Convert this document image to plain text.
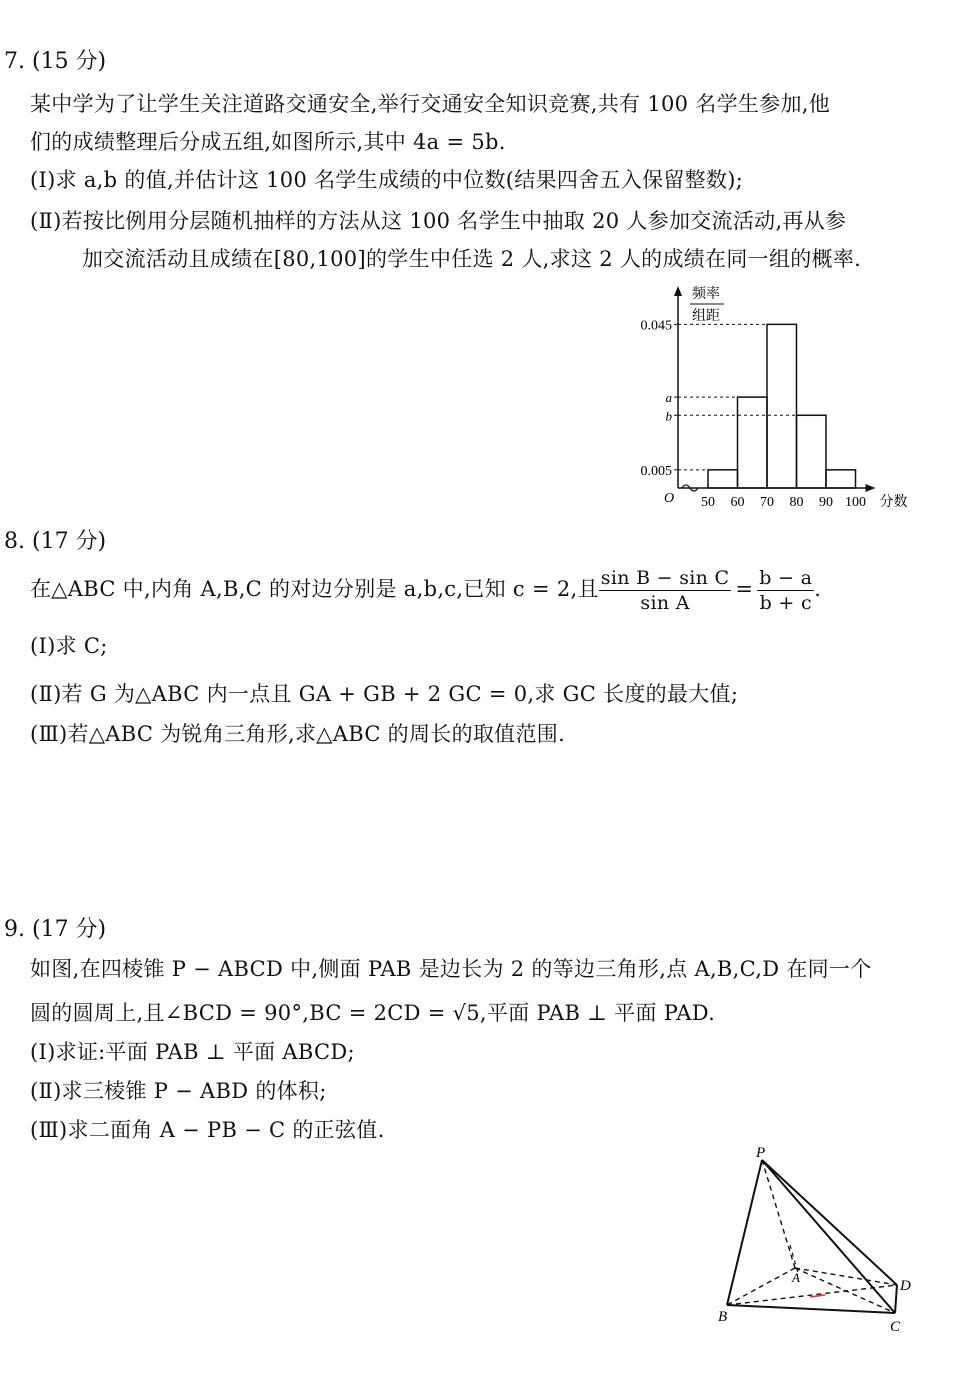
7. (15 分)
某中学为了让学生关注道路交通安全,举行交通安全知识竞赛,共有 100 名学生参加,他
们的成绩整理后分成五组,如图所示,其中 4a = 5b.
(Ⅰ)求 a,b 的值,并估计这 100 名学生成绩的中位数(结果四舍五入保留整数);
(Ⅱ)若按比例用分层随机抽样的方法从这 100 名学生中抽取 20 人参加交流活动,再从参
加交流活动且成绩在[80,100]的学生中任选 2 人,求这 2 人的成绩在同一组的概率.
0.045
a
b
0.005
50 60 70 80 90 100
O	分数
频率
组距
8. (17 分)
在△ABC 中,内角 A,B,C 的对边分别是 a,b,c,已知 c = 2,且 $\frac{\text{sin B − sin C}}{\text{sin A}} = \frac{b - a}{b + c}$ .
(Ⅰ)求 C;
(Ⅱ)若 G 为△ABC 内一点且 GA + GB + 2 GC = 0,求 GC 长度的最大值;
(Ⅲ)若△ABC 为锐角三角形,求△ABC 的周长的取值范围.
9. (17 分)
如图,在四棱锥 P − ABCD 中,侧面 PAB 是边长为 2 的等边三角形,点 A,B,C,D 在同一个
圆的圆周上,且∠BCD = 90°,BC = 2CD = √5,平面 PAB ⊥ 平面 PAD.
(Ⅰ)求证:平面 PAB ⊥ 平面 ABCD;
(Ⅱ)求三棱锥 P − ABD 的体积;
(Ⅲ)求二面角 A − PB − C 的正弦值.
P
A
B
C
D
